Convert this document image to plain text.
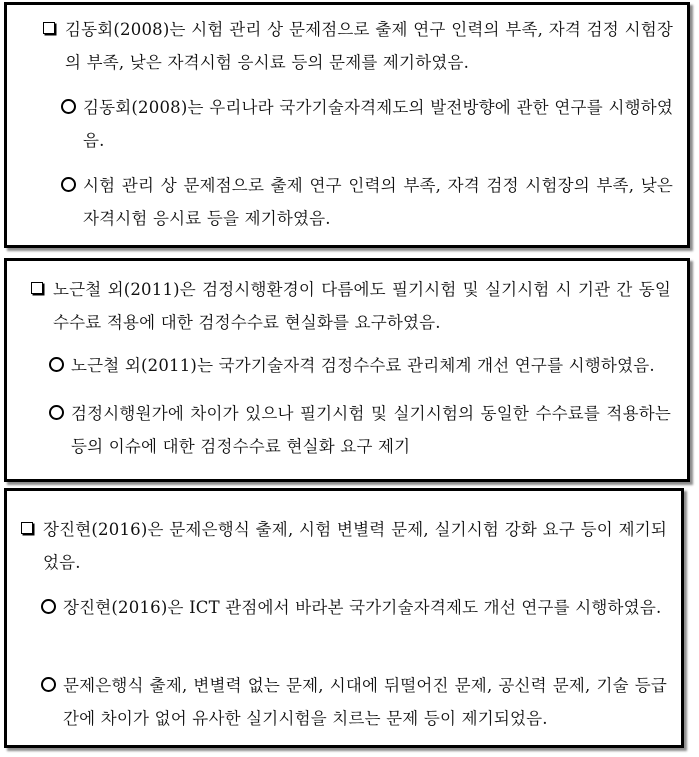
김동회(2008)는 시험 관리 상 문제점으로 출제 연구 인력의 부족, 자격 검정 시험장의 부족, 낮은 자격시험 응시료 등의 문제를 제기하였음.
김동회(2008)는 우리나라 국가기술자격제도의 발전방향에 관한 연구를 시행하였음.
시험 관리 상 문제점으로 출제 연구 인력의 부족, 자격 검정 시험장의 부족, 낮은 자격시험 응시료 등을 제기하였음.
노근철 외(2011)은 검정시행환경이 다름에도 필기시험 및 실기시험 시 기관 간 동일 수수료 적용에 대한 검정수수료 현실화를 요구하였음.
노근철 외(2011)는 국가기술자격 검정수수료 관리체계 개선 연구를 시행하였음.
검정시행원가에 차이가 있으나 필기시험 및 실기시험의 동일한 수수료를 적용하는 등의 이슈에 대한 검정수수료 현실화 요구 제기
장진현(2016)은 문제은행식 출제, 시험 변별력 문제, 실기시험 강화 요구 등이 제기되었음.
장진현(2016)은 ICT 관점에서 바라본 국가기술자격제도 개선 연구를 시행하였음.
문제은행식 출제, 변별력 없는 문제, 시대에 뒤떨어진 문제, 공신력 문제, 기술 등급 간에 차이가 없어 유사한 실기시험을 치르는 문제 등이 제기되었음.
